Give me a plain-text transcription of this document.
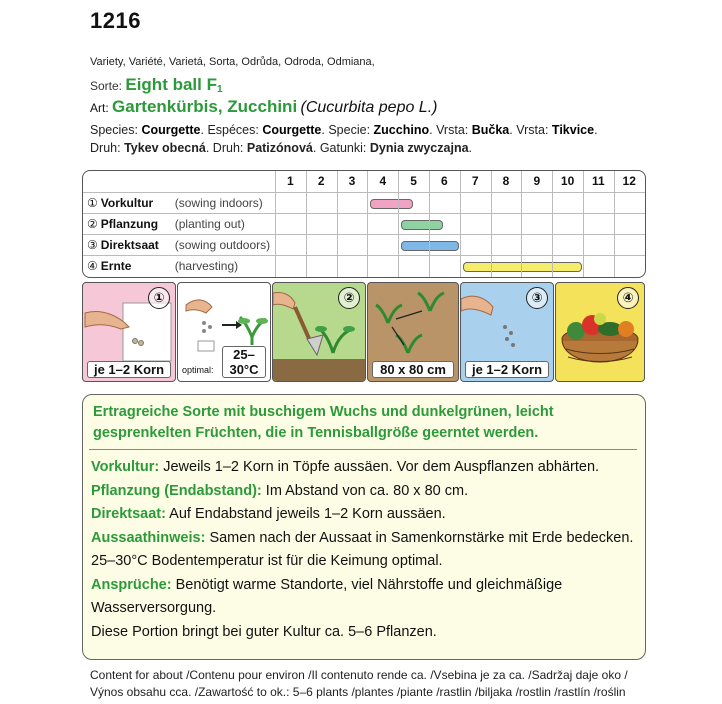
1216
Variety, Variété, Varietá, Sorta, Odrůda, Odroda, Odmiana,
Sorte: Eight ball $F_1$
Art: Gartenkürbis, Zucchini (Cucurbita pepo L.)
Species: Courgette. Espéces: Courgette. Specie: Zucchino. Vrsta: Bučka. Vrsta: Tikvice.
Druh: Tykev obecná. Druh: Patizónová. Gatunki: Dynia zwyczajna.
1	2	3	4	5	6	7	8	9	10	11	12
① Vorkultur (sowing indoors)
② Pflanzung (planting out)
③ Direktsaat (sowing outdoors)
④ Ernte	(harvesting)
①
je 1–2 Korn	optimal:
25–30°C
②
80 x 80 cm
③
je 1–2 Korn
④
Ertragreiche Sorte mit buschigem Wuchs und dunkelgrünen, leicht gesprenkelten Früchten, die in Tennisballgröße geerntet werden.
Vorkultur: Jeweils 1–2 Korn in Töpfe aussäen. Vor dem Auspflanzen abhärten.
Pflanzung (Endabstand): Im Abstand von ca. 80 x 80 cm.
Direktsaat: Auf Endabstand jeweils 1–2 Korn aussäen.
Aussaathinweis: Samen nach der Aussaat in Samenkornstärke mit Erde bedecken. 25–30°C Bodentemperatur ist für die Keimung optimal.
Ansprüche: Benötigt warme Standorte, viel Nährstoffe und gleichmäßige Wasserversorgung.
Diese Portion bringt bei guter Kultur ca. 5–6 Pflanzen.
Content for about /Contenu pour environ /Il contenuto rende ca. /Vsebina je za ca. /Sadržaj daje oko /
Výnos obsahu cca. /Zawartość to ok.: 5–6 plants /plantes /piante /rastlin /biljaka /rostlin /rastlín /roślin
